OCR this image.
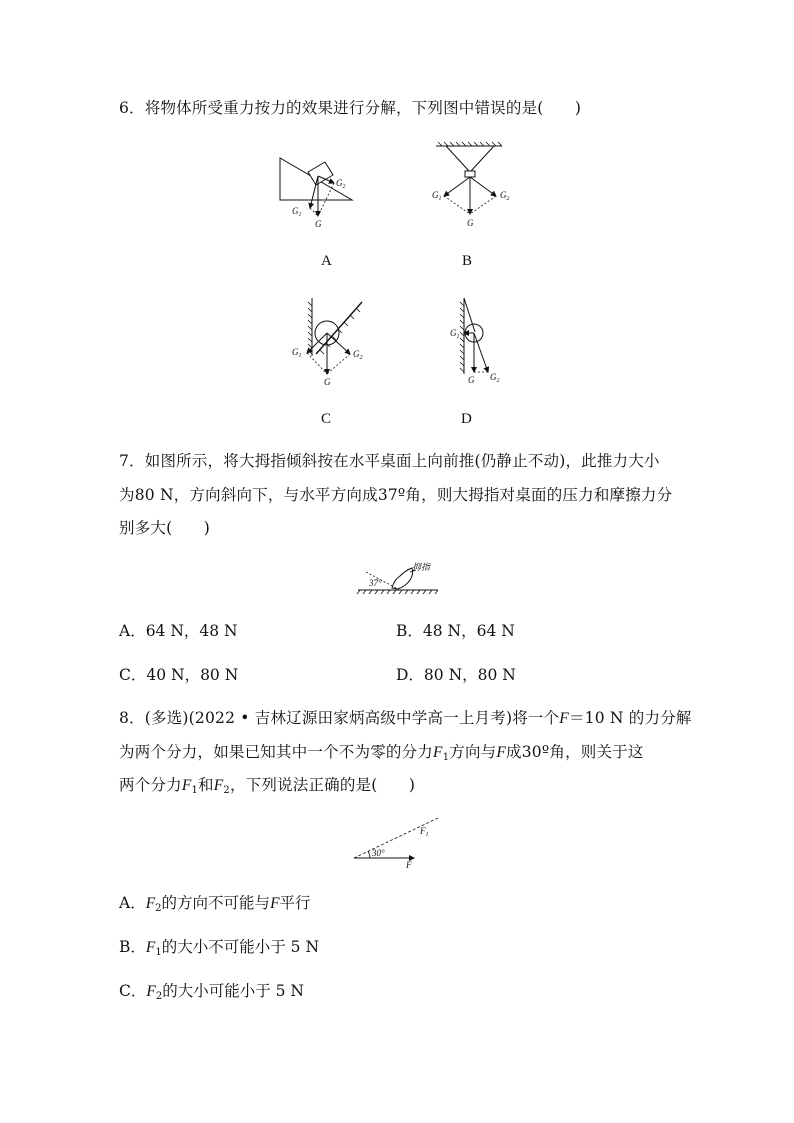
6．将物体所受重力按力的效果进行分解，下列图中错误的是(　　)

$G_2$
$G_1$
G
A
$G_1$	$G_2$
G
B
$G_1$	$G_2$
G
C
$G_1$
$G_2$
G
D

7．如图所示，将大拇指倾斜按在水平桌面上向前推(仍静止不动)，此推力大小

为80 N，方向斜向下，与水平方向成37º角，则大拇指对桌面的压力和摩擦力分

别多大(　　)

37°
拇指

A．64 N，48 N	B．48 N，64 N

C．40 N，80 N	D．80 N，80 N

8．(多选)(2022 • 吉林辽源田家炳高级中学高一上月考)将一个F＝10 N 的力分解

为两个分力，如果已知其中一个不为零的分力$F_1$方向与F成30º角，则关于这

两个分力$F_1$和$F_2$，下列说法正确的是(　　)

30°
F
$F_1$

A．$F_2$的方向不可能与F平行

B．$F_1$的大小不可能小于 5 N

C．$F_2$的大小可能小于 5 N
